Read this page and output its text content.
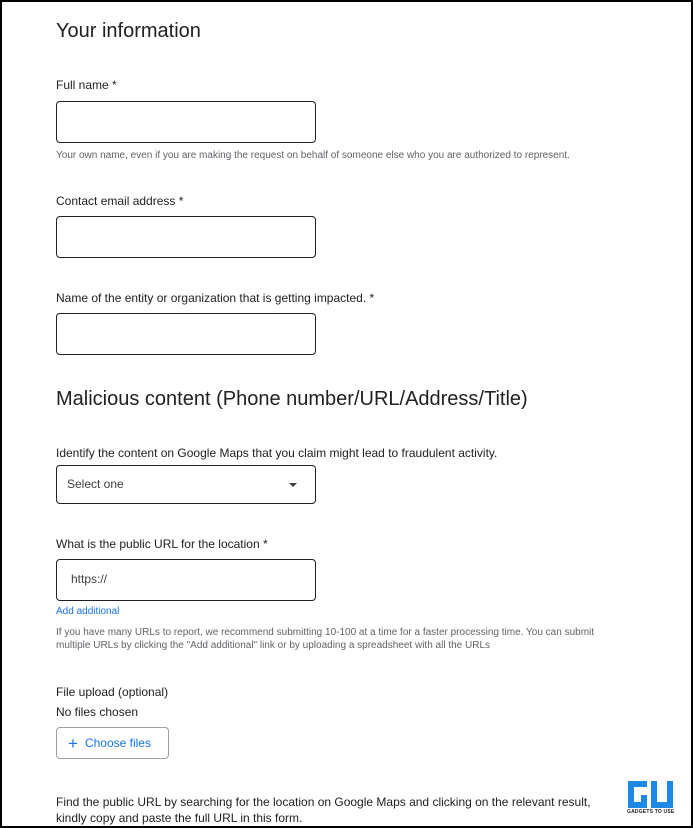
Your information
Full name *
Your own name, even if you are making the request on behalf of someone else who you are authorized to represent.
Contact email address *
Name of the entity or organization that is getting impacted. *
Malicious content (Phone number/URL/Address/Title)
Identify the content on Google Maps that you claim might lead to fraudulent activity.
Select one
What is the public URL for the location *
https://
Add additional
If you have many URLs to report, we recommend submitting 10-100 at a time for a faster processing time. You can submit multiple URLs by clicking the "Add additional" link or by uploading a spreadsheet with all the URLs
File upload (optional)
No files chosen
+ Choose files
Find the public URL by searching for the location on Google Maps and clicking on the relevant result, kindly copy and paste the full URL in this form.	GADGETS TO USE
